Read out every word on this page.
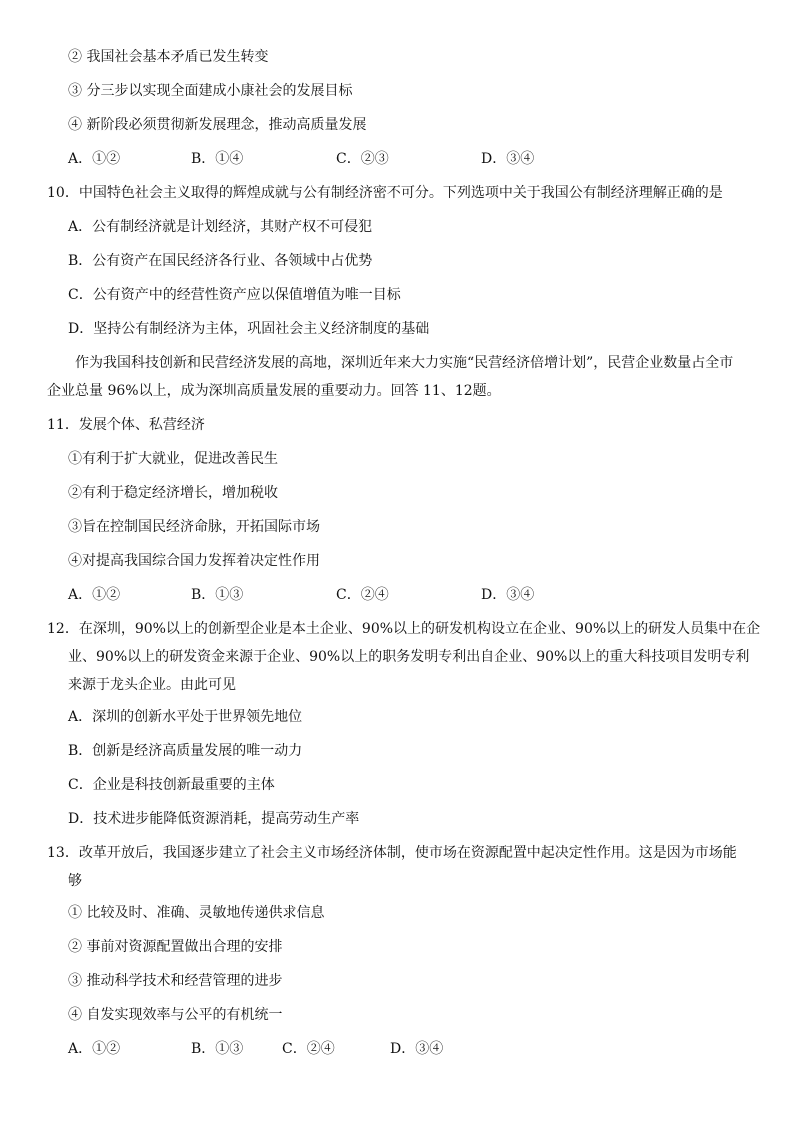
② 我国社会基本矛盾已发生转变
③ 分三步以实现全面建成小康社会的发展目标
④ 新阶段必须贯彻新发展理念，推动高质量发展
A．①②	B．①④	C．②③	D．③④
10．中国特色社会主义取得的辉煌成就与公有制经济密不可分。下列选项中关于我国公有制经济理解正确的是
A．公有制经济就是计划经济，其财产权不可侵犯
B．公有资产在国民经济各行业、各领域中占优势
C．公有资产中的经营性资产应以保值增值为唯一目标
D．坚持公有制经济为主体，巩固社会主义经济制度的基础
作为我国科技创新和民营经济发展的高地，深圳近年来大力实施“民营经济倍增计划”，民营企业数量占全市
企业总量 96%以上，成为深圳高质量发展的重要动力。回答 11、12题。
11．发展个体、私营经济
①有利于扩大就业，促进改善民生
②有利于稳定经济增长，增加税收
③旨在控制国民经济命脉，开拓国际市场
④对提高我国综合国力发挥着决定性作用
A．①②	B．①③	C．②④	D．③④
12．在深圳，90%以上的创新型企业是本土企业、90%以上的研发机构设立在企业、90%以上的研发人员集中在企
业、90%以上的研发资金来源于企业、90%以上的职务发明专利出自企业、90%以上的重大科技项目发明专利
来源于龙头企业。由此可见
A．深圳的创新水平处于世界领先地位
B．创新是经济高质量发展的唯一动力
C．企业是科技创新最重要的主体
D．技术进步能降低资源消耗，提高劳动生产率
13．改革开放后，我国逐步建立了社会主义市场经济体制，使市场在资源配置中起决定性作用。这是因为市场能
够
① 比较及时、准确、灵敏地传递供求信息
② 事前对资源配置做出合理的安排
③ 推动科学技术和经营管理的进步
④ 自发实现效率与公平的有机统一
A．①②	B．①③	C．②④	D．③④
